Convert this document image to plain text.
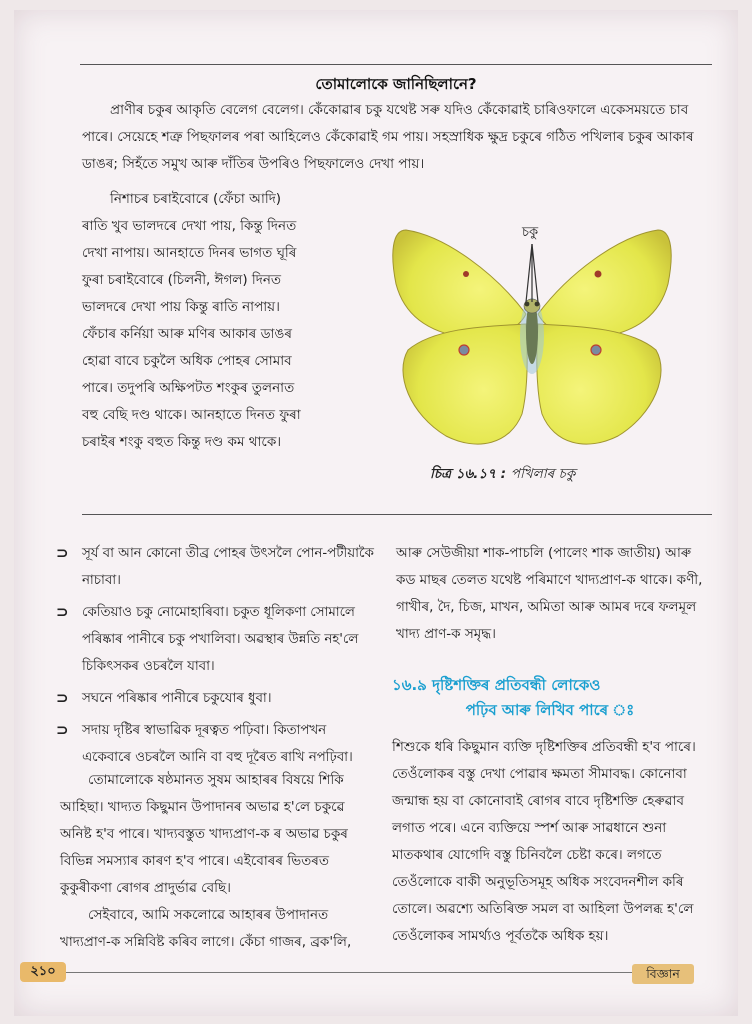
তোমালোকে জানিছিলানে?

প্ৰাণীৰ চকুৰ আকৃতি বেলেগ বেলেগ। কেঁকোৱাৰ চকু যথেষ্ট সৰু যদিও কেঁকোৱাই চাৰিওফালে একেসময়তে চাব পাৰে। সেয়েহে শত্ৰু পিছফালৰ পৰা আহিলেও কেঁকোৱাই গম পায়। সহস্ৰাধিক ক্ষুদ্ৰ চকুৰে গঠিত পখিলাৰ চকুৰ আকাৰ ডাঙৰ; সিহঁতে সমুখ আৰু দাঁতিৰ উপৰিও পিছফালেও দেখা পায়।

নিশাচৰ চৰাইবোৰে (ফেঁচা আদি) ৰাতি খুব ভালদৰে দেখা পায়, কিন্তু দিনত দেখা নাপায়। আনহাতে দিনৰ ভাগত ঘূৰি ফুৰা চৰাইবোৰে (চিলনী, ঈগল) দিনত ভালদৰে দেখা পায় কিন্তু ৰাতি নাপায়। ফেঁচাৰ কৰ্নিয়া আৰু মণিৰ আকাৰ ডাঙৰ হোৱা বাবে চকুলৈ অধিক পোহৰ সোমাব পাৰে। তদুপৰি অক্ষিপটত শংকুৰ তুলনাত বহু বেছি দণ্ড থাকে। আনহাতে দিনত ফুৰা চৰাইৰ শংকু বহুত কিন্তু দণ্ড কম থাকে।

চকু
চিত্ৰ ১৬.১৭ : পখিলাৰ চকু
⊃ সূৰ্য বা আন কোনো তীব্ৰ পোহৰ উৎসলৈ পোন-পটীয়াকৈ নাচাবা।
⊃ কেতিয়াও চকু নোমোহাৰিবা। চকুত ধূলিকণা সোমালে পৰিষ্কাৰ পানীৰে চকু পখালিবা। অৱস্থাৰ উন্নতি নহ'লে চিকিৎসকৰ ওচৰলৈ যাবা।
⊃ সঘনে পৰিষ্কাৰ পানীৰে চকুযোৰ ধুবা।
⊃ সদায় দৃষ্টিৰ স্বাভাৱিক দূৰত্বত পঢ়িবা। কিতাপখন একেবাৰে ওচৰলৈ আনি বা বহু দূৰৈত ৰাখি নপঢ়িবা।

তোমালোকে ষষ্ঠমানত সুষম আহাৰৰ বিষয়ে শিকি আহিছা। খাদ্যত কিছুমান উপাদানৰ অভাৱ হ'লে চকুৱে অনিষ্ট হ'ব পাৰে। খাদ্যবস্তুত খাদ্যপ্ৰাণ-ক ৰ অভাৱ চকুৰ বিভিন্ন সমস্যাৰ কাৰণ হ'ব পাৰে। এইবোৰৰ ভিতৰত কুকুৰীকণা ৰোগৰ প্ৰাদুৰ্ভাৱ বেছি।

সেইবাবে, আমি সকলোৱে আহাৰৰ উপাদানত খাদ্যপ্ৰাণ-ক সন্নিবিষ্ট কৰিব লাগে। কেঁচা গাজৰ, ব্ৰক'লি,

আৰু সেউজীয়া শাক-পাচলি (পালেং শাক জাতীয়) আৰু কড মাছৰ তেলত যথেষ্ট পৰিমাণে খাদ্যপ্ৰাণ-ক থাকে। কণী, গাখীৰ, দৈ, চিজ, মাখন, অমিতা আৰু আমৰ দৰে ফলমূল খাদ্য প্ৰাণ-ক সমৃদ্ধ।

১৬.৯ দৃষ্টিশক্তিৰ প্ৰতিবন্ধী লোকেও
পঢ়িব আৰু লিখিব পাৰে ঃ

শিশুকে ধৰি কিছুমান ব্যক্তি দৃষ্টিশক্তিৰ প্ৰতিবন্ধী হ'ব পাৰে। তেওঁলোকৰ বস্তু দেখা পোৱাৰ ক্ষমতা সীমাবদ্ধ। কোনোবা জন্মান্ধ হয় বা কোনোবাই ৰোগৰ বাবে দৃষ্টিশক্তি হেৰুৱাব লগাত পৰে। এনে ব্যক্তিয়ে স্পৰ্শ আৰু সাৱধানে শুনা মাতকথাৰ যোগেদি বস্তু চিনিবলৈ চেষ্টা কৰে। লগতে তেওঁলোকে বাকী অনুভূতিসমূহ অধিক সংবেদনশীল কৰি তোলে। অৱশ্যে অতিৰিক্ত সমল বা আহিলা উপলব্ধ হ'লে তেওঁলোকৰ সামৰ্থ্যও পূৰ্বতকৈ অধিক হয়।

২১০	বিজ্ঞান
